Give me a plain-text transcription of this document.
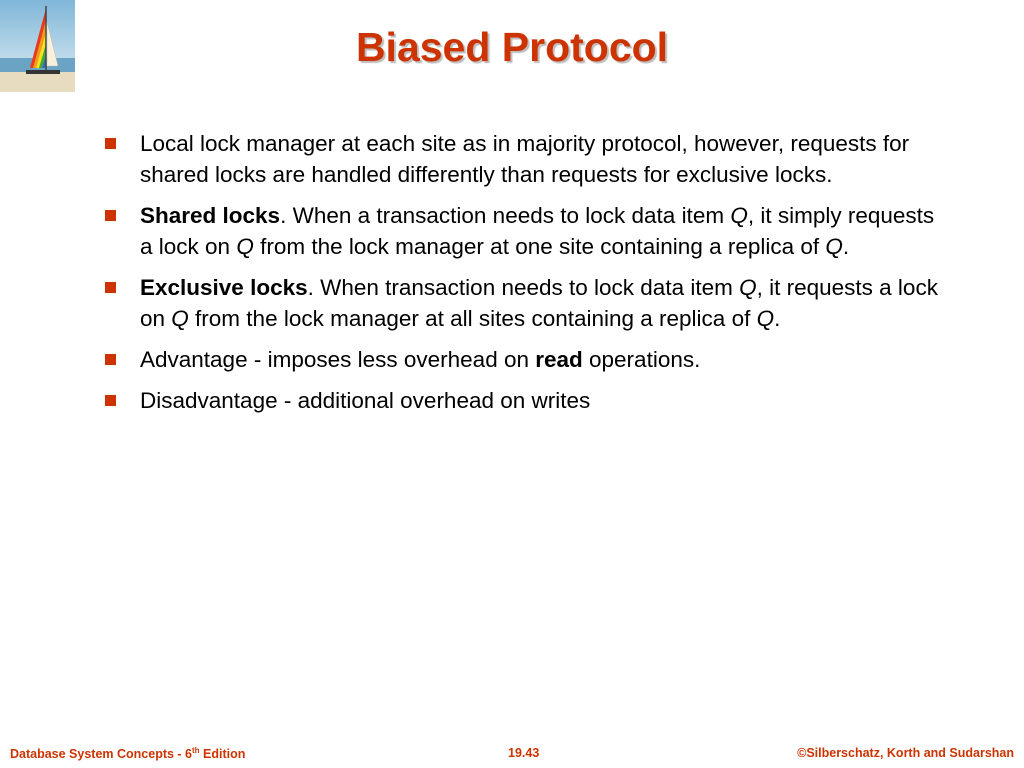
Biased Protocol
Local lock manager at each site as in majority protocol, however, requests for shared locks are handled differently than requests for exclusive locks.
Shared locks. When a transaction needs to lock data item Q, it simply requests a lock on Q from the lock manager at one site containing a replica of Q.
Exclusive locks. When transaction needs to lock data item Q, it requests a lock on Q from the lock manager at all sites containing a replica of Q.
Advantage - imposes less overhead on read operations.
Disadvantage - additional overhead on writes
Database System Concepts - 6th Edition	19.43	©Silberschatz, Korth and Sudarshan
